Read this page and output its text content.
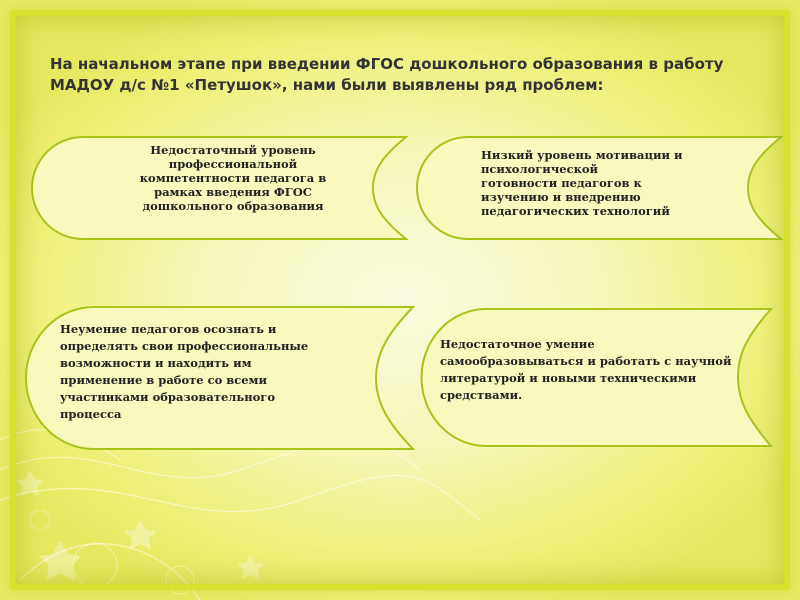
На начальном этапе при введении ФГОС дошкольного образования в работу
МАДОУ д/с №1 «Петушок», нами были выявлены ряд проблем:

Недостаточный уровень
профессиональной
компетентности педагога в
рамках введения ФГОС
дошкольного образования

Низкий уровень мотивации и
психологической
готовности педагогов к
изучению и внедрению
педагогических технологий

Неумение педагогов осознать и
определять свои профессиональные
возможности и находить им
применение в работе со всеми
участниками образовательного
процесса

Недостаточное умение
самообразовываться и работать с научной
литературой и новыми техническими
средствами.
